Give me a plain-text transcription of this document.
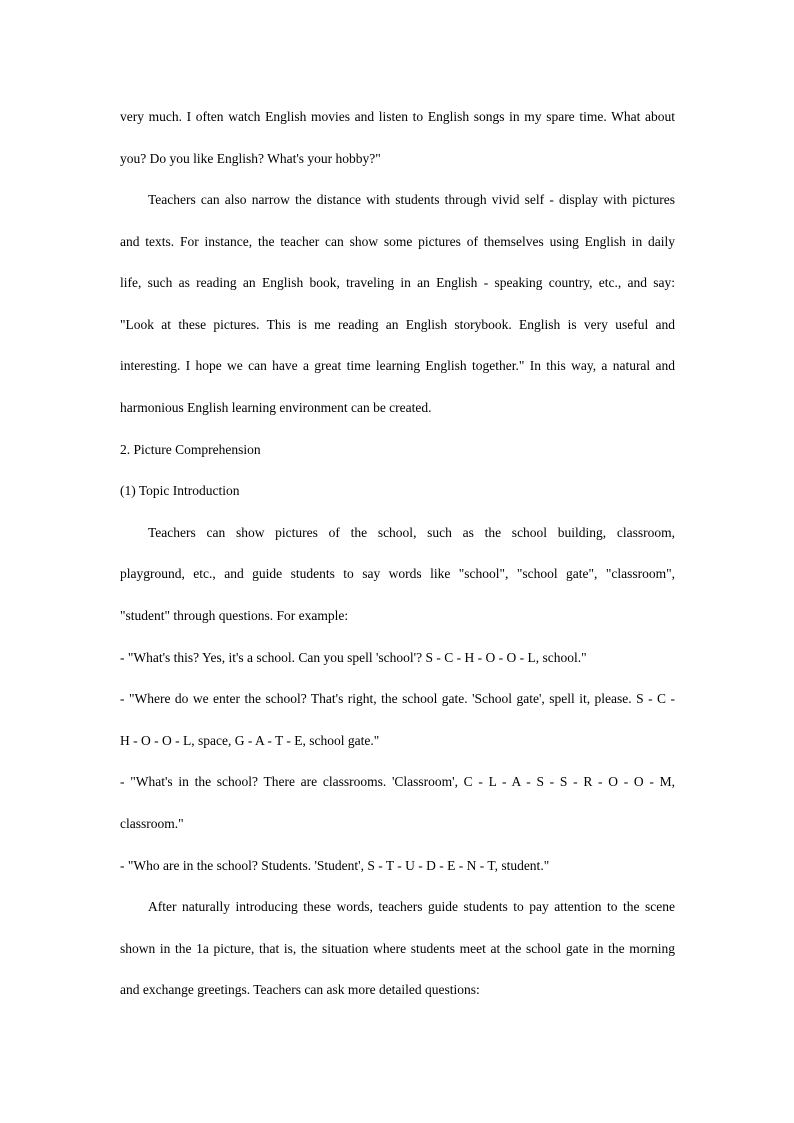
very much. I often watch English movies and listen to English songs in my spare time. What about
you? Do you like English? What's your hobby?"
Teachers can also narrow the distance with students through vivid self - display with pictures
and texts. For instance, the teacher can show some pictures of themselves using English in daily
life, such as reading an English book, traveling in an English - speaking country, etc., and say:
"Look at these pictures. This is me reading an English storybook. English is very useful and
interesting. I hope we can have a great time learning English together." In this way, a natural and
harmonious English learning environment can be created.
2. Picture Comprehension
(1) Topic Introduction
Teachers can show pictures of the school, such as the school building, classroom,
playground, etc., and guide students to say words like "school", "school gate", "classroom",
"student" through questions. For example:
- "What's this? Yes, it's a school. Can you spell 'school'? S - C - H - O - O - L, school."
- "Where do we enter the school? That's right, the school gate. 'School gate', spell it, please. S - C -
H - O - O - L, space, G - A - T - E, school gate."
- "What's in the school? There are classrooms. 'Classroom', C - L - A - S - S - R - O - O - M,
classroom."
- "Who are in the school? Students. 'Student', S - T - U - D - E - N - T, student."
After naturally introducing these words, teachers guide students to pay attention to the scene
shown in the 1a picture, that is, the situation where students meet at the school gate in the morning
and exchange greetings. Teachers can ask more detailed questions:
